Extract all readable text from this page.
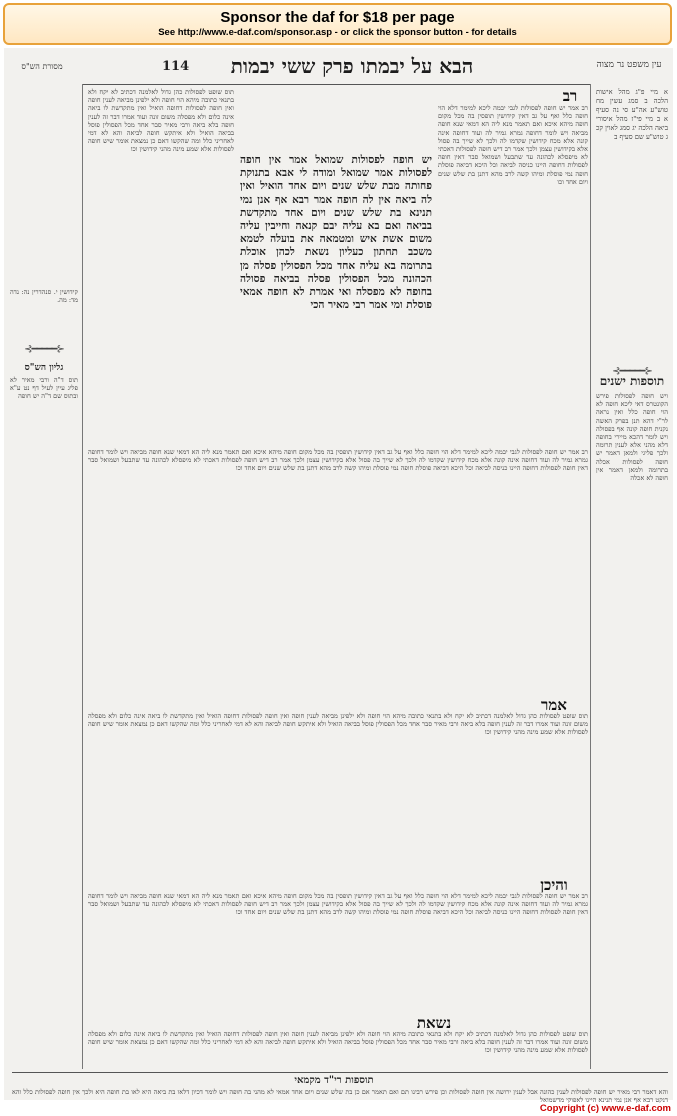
Sponsor the daf for $18 per page
See http://www.e-daf.com/sponsor.asp - or click the sponsor button - for details
מסורת הש"ס	114	הבא על יבמתו פרק ששי יבמות	עין משפט נר מצוה
קידושין י. סנהדרין נה: נדה מד: מה.
⊰━━━━━⊱
גליון הש"ס
תוס ד"ה ורבי מאיר לא פליג עיין לעיל דף נט ע"א ובתוס שם ד"ה יש חופה
א מיי פ"ג מהל אישות הלכה ב סמג עשין מח טוש"ע אה"ע סי נה סעיף א ב מיי פי"ז מהל איסורי ביאה הלכה יג סמג לאוין קכ ג טוש"ע שם סעיף ב
⊰━━━━━⊱
תוספות ישנים
ויש חופה לפסולות פירש הקונטרס דאי ליכא חופה לא הוי חופה כלל ואין נראה לר"י דהא תנן בפרק האשה נקנית חופה קונה אף בפסולה ויש לומר דהכא מיירי בחופה דלא מהני אלא לענין תרומה ולכך פליגי ולמאן דאמר יש חופה לפסולות אכלה בתרומה ולמאן דאמר אין חופה לא אכלה
תוס שופט לפסולות כהן גדול לאלמנה דכתיב לא יקח ולא בתנאי כתובה מיהא הוי חופה ולא ילפינן מביאה לענין חופה ואין חופה לפסולות דחופה הואיל ואין מתקדשת לו ביאה אינה כלום ולא מפסלה משום זונה ועוד אמרו דבר זה לענין חופה בלא ביאה ורבי מאיר סבר אחד מכל הפסולין פוסל בביאה הואיל ולא איתקש חופה לביאה והא לא דמי לאחריני כלל ומה שהקשו דאם כן נמצאת אומר שיש חופה לפסולות אלא שמע מינה מהני קידושין וכו
רב
רב אמר יש חופה לפסולות לגבי יבמה ליכא למימר דלא הוי חופה כלל ואף על גב דאין קידושין תופסין בה מכל מקום חופה מיהא איכא ואם תאמר מנא ליה הא דמאי שנא חופה מביאה ויש לומר דחופה גמרא גמיר לה ועוד דחופה אינה קונה אלא מכח קידושין שקדמו לה ולכך לא שייך בה פסול אלא בקידושין עצמן ולכך אמר רב דיש חופה לפסולות דאכתי לא מיפסלא לכהונה עד שתבעל ושמואל סבר דאין חופה לפסולות דחופה היינו כניסה לביאה וכל היכא דביאה פוסלת חופה נמי פוסלת ומיהו קשה לרב מהא דתנן בת שלש שנים ויום אחד וכו
יש חופה לפסולות שמואל אמר אין חופה לפסולות אמר שמואל ומודה לי אבא בתנוקת פחותה מבת שלש שנים ויום אחד הואיל ואין לה ביאה אין לה חופה אמר רבא אף אנן נמי תנינא בת שלש שנים ויום אחד מתקדשת בביאה ואם בא עליה יבם קנאה וחייבין עליה משום אשת איש ומטמאה את בועלה לטמא משכב תחתון כעליון נשאת לכהן אוכלת בתרומה בא עליה אחד מכל הפסולין פסלה מן הכהונה מכל הפסולין פסלה בביאה פסולה בחופה לא מפסלה ואי אמרת לא חופה אמאי פוסלת ומי אמר רבי מאיר הכי
רב אמר יש חופה לפסולות לגבי יבמה ליכא למימר דלא הוי חופה כלל ואף על גב דאין קידושין תופסין בה מכל מקום חופה מיהא איכא ואם תאמר מנא ליה הא דמאי שנא חופה מביאה ויש לומר דחופה גמרא גמיר לה ועוד דחופה אינה קונה אלא מכח קידושין שקדמו לה ולכך לא שייך בה פסול אלא בקידושין עצמן ולכך אמר רב דיש חופה לפסולות דאכתי לא מיפסלא לכהונה עד שתבעל ושמואל סבר דאין חופה לפסולות דחופה היינו כניסה לביאה וכל היכא דביאה פוסלת חופה נמי פוסלת ומיהו קשה לרב מהא דתנן בת שלש שנים ויום אחד וכו
אמר
תוס שופט לפסולות כהן גדול לאלמנה דכתיב לא יקח ולא בתנאי כתובה מיהא הוי חופה ולא ילפינן מביאה לענין חופה ואין חופה לפסולות דחופה הואיל ואין מתקדשת לו ביאה אינה כלום ולא מפסלה משום זונה ועוד אמרו דבר זה לענין חופה בלא ביאה ורבי מאיר סבר אחד מכל הפסולין פוסל בביאה הואיל ולא איתקש חופה לביאה והא לא דמי לאחריני כלל ומה שהקשו דאם כן נמצאת אומר שיש חופה לפסולות אלא שמע מינה מהני קידושין וכו
והיכן
רב אמר יש חופה לפסולות לגבי יבמה ליכא למימר דלא הוי חופה כלל ואף על גב דאין קידושין תופסין בה מכל מקום חופה מיהא איכא ואם תאמר מנא ליה הא דמאי שנא חופה מביאה ויש לומר דחופה גמרא גמיר לה ועוד דחופה אינה קונה אלא מכח קידושין שקדמו לה ולכך לא שייך בה פסול אלא בקידושין עצמן ולכך אמר רב דיש חופה לפסולות דאכתי לא מיפסלא לכהונה עד שתבעל ושמואל סבר דאין חופה לפסולות דחופה היינו כניסה לביאה וכל היכא דביאה פוסלת חופה נמי פוסלת ומיהו קשה לרב מהא דתנן בת שלש שנים ויום אחד וכו
נשאת
תוס שופט לפסולות כהן גדול לאלמנה דכתיב לא יקח ולא בתנאי כתובה מיהא הוי חופה ולא ילפינן מביאה לענין חופה ואין חופה לפסולות דחופה הואיל ואין מתקדשת לו ביאה אינה כלום ולא מפסלה משום זונה ועוד אמרו דבר זה לענין חופה בלא ביאה ורבי מאיר סבר אחד מכל הפסולין פוסל בביאה הואיל ולא איתקש חופה לביאה והא לא דמי לאחריני כלל ומה שהקשו דאם כן נמצאת אומר שיש חופה לפסולות אלא שמע מינה מהני קידושין וכו
תוספות רי"ד מקמאי
והא דאמר רבי מאיר יש חופה לפסולות לענין כהונה אבל לענין ירושה אין חופה לפסולות וכן פירש רבינו תם ואם תאמר אם כן בת שלש שנים ויום אחד אמאי לא מהני בה חופה ויש לומר דכיון דלאו בת ביאה היא לאו בת חופה היא ולכך אין חופה לפסולות כלל והא דנקט רבא אף אנן נמי תנינא היינו לאפוקי מדשמואל
Copyright (c) www.e-daf.com
